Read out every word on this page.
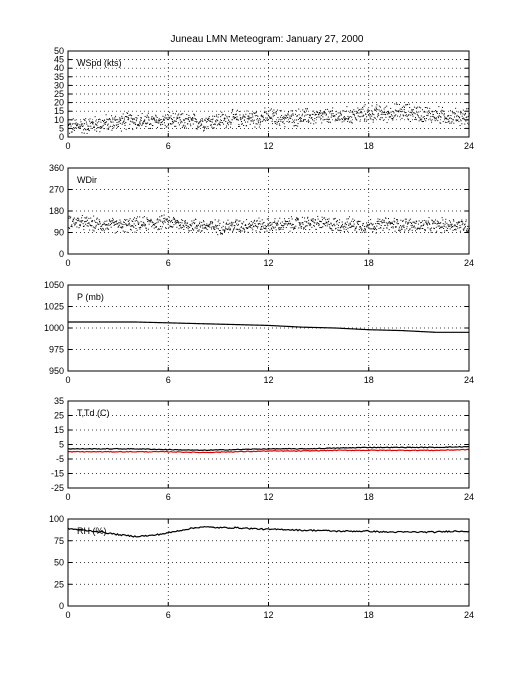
Juneau LMN Meteogram: January 27, 2000
0
5
10
15
20
25
30
35
40
45
50
0	6	12	18	24
WSpd (kts)
0
90
180
270
360
0	6	12	18	24
WDir
950
975
1000
1025
1050
0	6	12	18	24
P (mb)
-25
-15
-5
5
15
25
35
0	6	12	18	24
T,Td (C)
0
25
50
75
100
0	6	12	18	24
RH (%)
